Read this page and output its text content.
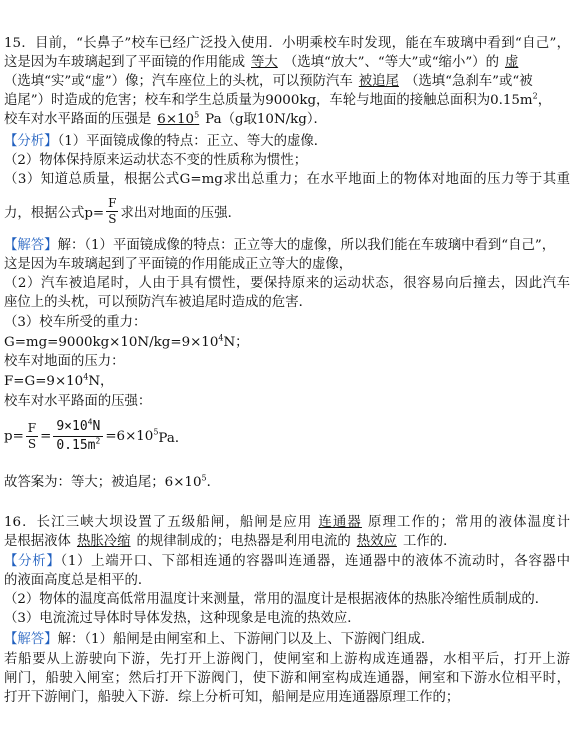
15．目前，“长鼻子”校车已经广泛投入使用．小明乘校车时发现，能在车玻璃中看到“自己”，
这是因为车玻璃起到了平面镜的作用能成 等大 （选填“放大”、“等大”或“缩小”）的 虚
（选填“实”或“虚”）像；汽车座位上的头枕，可以预防汽车 被追尾 （选填“急刹车”或“被
追尾”）时造成的危害；校车和学生总质量为9000kg，车轮与地面的接触总面积为$0.15m^2$，
校车对水平路面的压强是 $6\times 10^5$ Pa（g取10N/kg）．
【分析】（1）平面镜成像的特点：正立、等大的虚像．
（2）物体保持原来运动状态不变的性质称为惯性；
（3）知道总质量，根据公式G=mg求出总重力；在水平地面上的物体对地面的压力等于其重
力，根据公式$p= \frac{F}{S}$ 求出对地面的压强．
【解答】解：（1）平面镜成像的特点：正立等大的虚像，所以我们能在车玻璃中看到“自己”，
这是因为车玻璃起到了平面镜的作用能成正立等大的虚像，
（2）汽车被追尾时，人由于具有惯性，要保持原来的运动状态，很容易向后撞去，因此汽车
座位上的头枕，可以预防汽车被追尾时造成的危害．
（3）校车所受的重力：
$G=mg=9000kg\times 10N/kg=9\times 10^4N$；
校车对地面的压力：
$F=G=9\times 10^4N$，
校车对水平路面的压强：
$p= \frac{F}{S} = \frac{9\times 10^4N}{0.15m^2} =6\times 10^5Pa$．
故答案为：等大；被追尾；$6\times 10^5$．
16．长江三峡大坝设置了五级船闸，船闸是应用 连通器 原理工作的；常用的液体温度计
是根据液体 热胀冷缩 的规律制成的；电热器是利用电流的 热效应 工作的．
【分析】（1）上端开口、下部相连通的容器叫连通器，连通器中的液体不流动时，各容器中
的液面高度总是相平的．
（2）物体的温度高低常用温度计来测量，常用的温度计是根据液体的热胀冷缩性质制成的．
（3）电流流过导体时导体发热，这种现象是电流的热效应．
【解答】解：（1）船闸是由闸室和上、下游闸门以及上、下游阀门组成．
若船要从上游驶向下游，先打开上游阀门，使闸室和上游构成连通器，水相平后，打开上游
闸门，船驶入闸室；然后打开下游阀门，使下游和闸室构成连通器，闸室和下游水位相平时，
打开下游闸门，船驶入下游．综上分析可知，船闸是应用连通器原理工作的；
